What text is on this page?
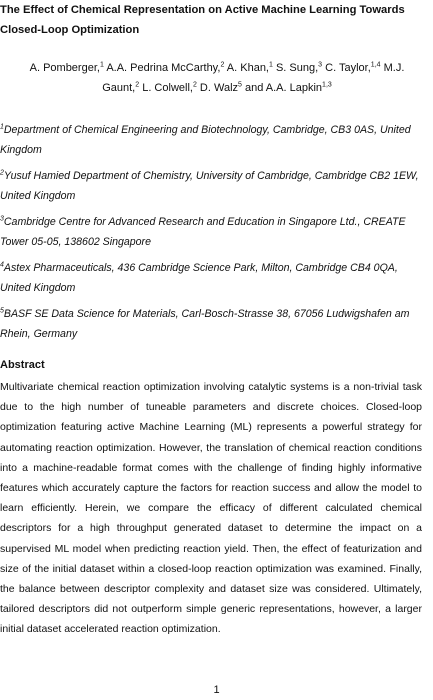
The Effect of Chemical Representation on Active Machine Learning Towards Closed-Loop Optimization

A. Pomberger,$^1$ A.A. Pedrina McCarthy,$^2$ A. Khan,$^1$ S. Sung,$^3$ C. Taylor,$^{1,4}$ M.J. Gaunt,$^2$ L. Colwell,$^2$ D. Walz$^5$ and A.A. Lapkin$^{1,3}$

$^1$Department of Chemical Engineering and Biotechnology, Cambridge, CB3 0AS, United Kingdom

$^2$Yusuf Hamied Department of Chemistry, University of Cambridge, Cambridge CB2 1EW, United Kingdom

$^3$Cambridge Centre for Advanced Research and Education in Singapore Ltd., CREATE Tower 05-05, 138602 Singapore

$^4$Astex Pharmaceuticals, 436 Cambridge Science Park, Milton, Cambridge CB4 0QA, United Kingdom

$^5$BASF SE Data Science for Materials, Carl-Bosch-Strasse 38, 67056 Ludwigshafen am Rhein, Germany

Abstract

Multivariate chemical reaction optimization involving catalytic systems is a non-trivial task due to the high number of tuneable parameters and discrete choices. Closed-loop optimization featuring active Machine Learning (ML) represents a powerful strategy for automating reaction optimization. However, the translation of chemical reaction conditions into a machine-readable format comes with the challenge of finding highly informative features which accurately capture the factors for reaction success and allow the model to learn efficiently. Herein, we compare the efficacy of different calculated chemical descriptors for a high throughput generated dataset to determine the impact on a supervised ML model when predicting reaction yield. Then, the effect of featurization and size of the initial dataset within a closed-loop reaction optimization was examined. Finally, the balance between descriptor complexity and dataset size was considered. Ultimately, tailored descriptors did not outperform simple generic representations, however, a larger initial dataset accelerated reaction optimization.

1
